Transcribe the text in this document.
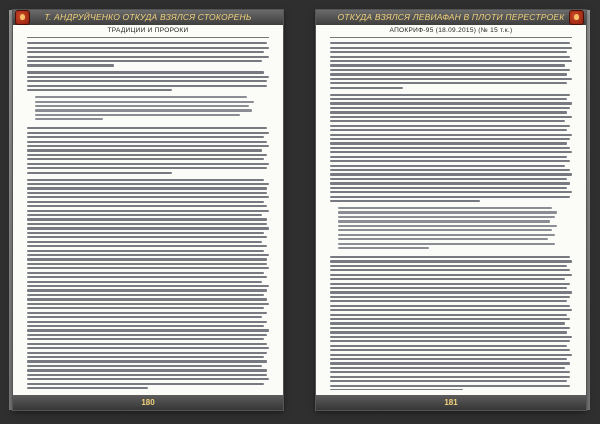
Т. АНДРУЙЧЕНКО ОТКУДА ВЗЯЛСЯ СТОКОРЕНЬ
ТРАДИЦИИ И ПРОРОКИ
180
ОТКУДА ВЗЯЛСЯ ЛЕВИАФАН В ПЛОТИ ПЕРЕСТРОЕК
АПОКРИФ-95 (18.09.2015) (№ 15 т.к.)
181
